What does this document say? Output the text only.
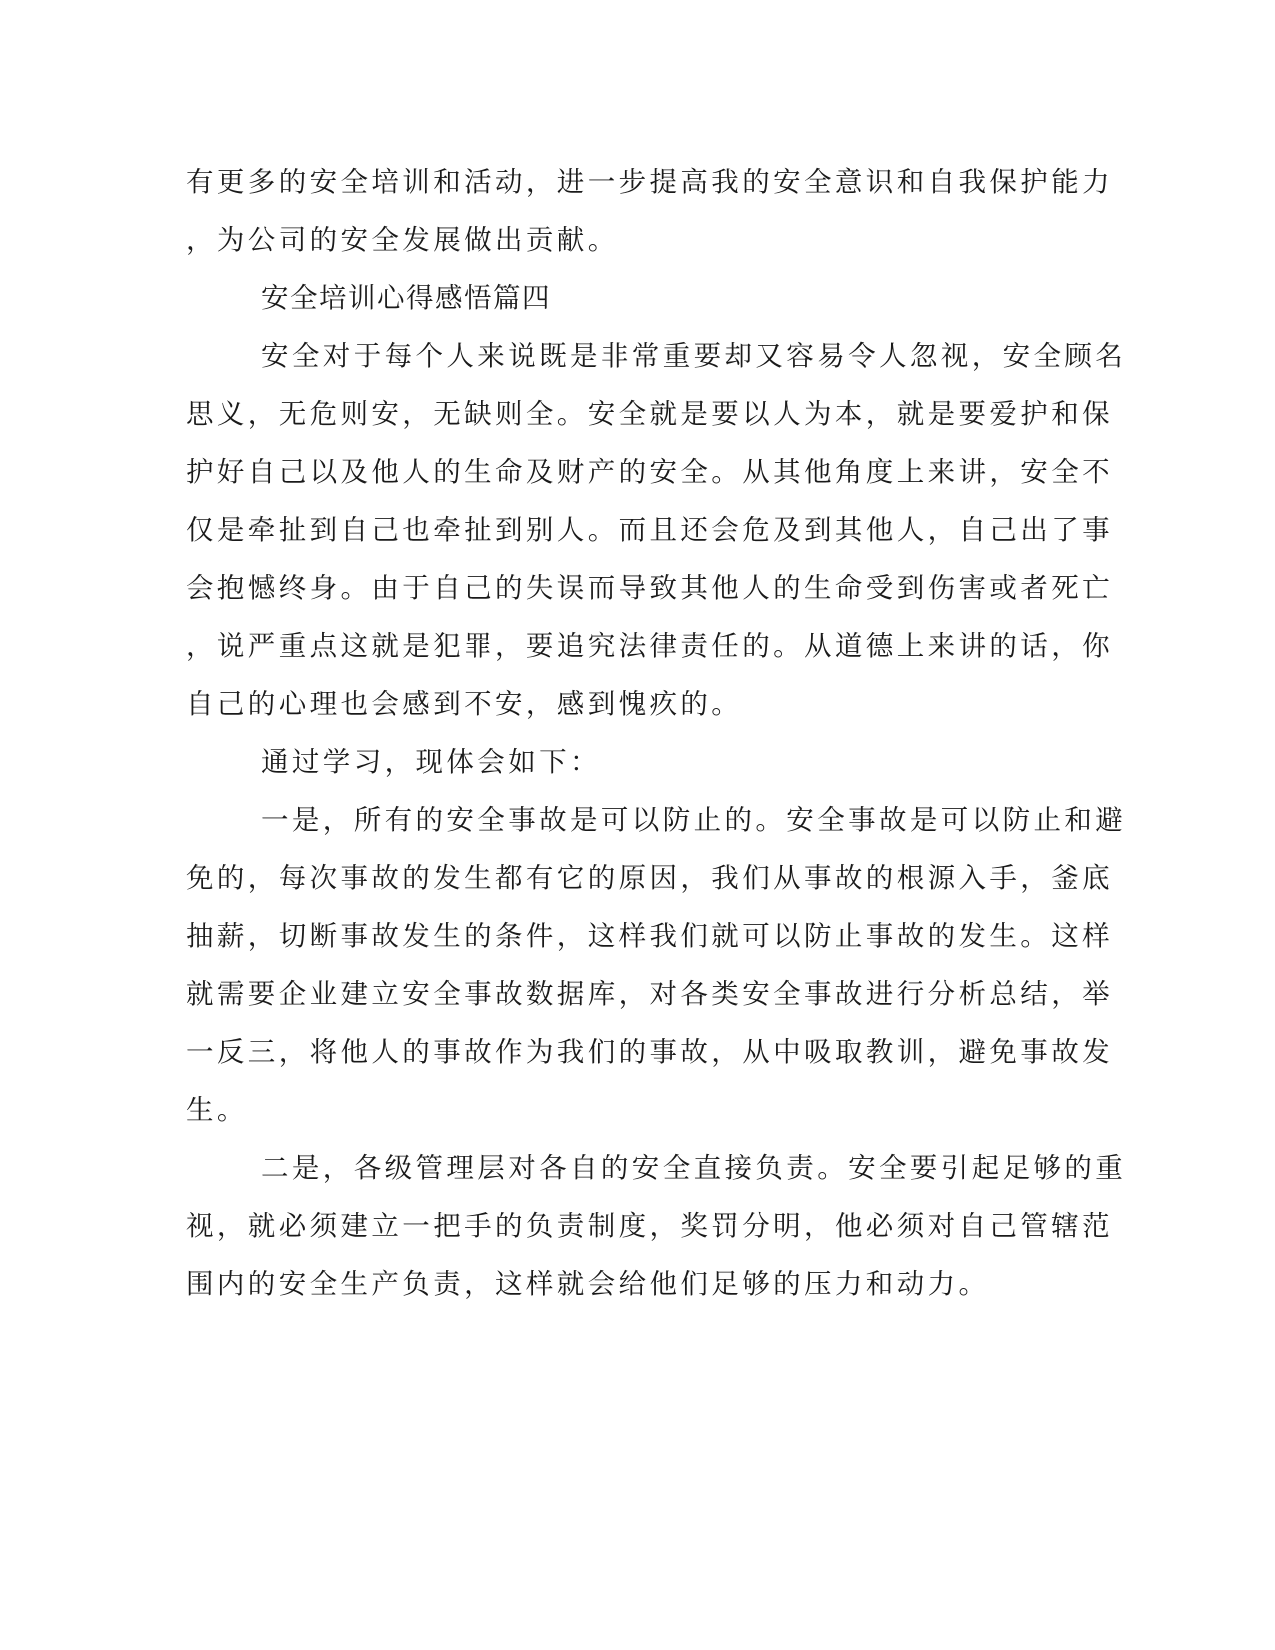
有更多的安全培训和活动，进一步提高我的安全意识和自我保护能力
，为公司的安全发展做出贡献。
安全培训心得感悟篇四
安全对于每个人来说既是非常重要却又容易令人忽视，安全顾名
思义，无危则安，无缺则全。安全就是要以人为本，就是要爱护和保
护好自己以及他人的生命及财产的安全。从其他角度上来讲，安全不
仅是牵扯到自己也牵扯到别人。而且还会危及到其他人，自己出了事
会抱憾终身。由于自己的失误而导致其他人的生命受到伤害或者死亡
，说严重点这就是犯罪，要追究法律责任的。从道德上来讲的话，你
自己的心理也会感到不安，感到愧疚的。
通过学习，现体会如下：
一是，所有的安全事故是可以防止的。安全事故是可以防止和避
免的，每次事故的发生都有它的原因，我们从事故的根源入手，釜底
抽薪，切断事故发生的条件，这样我们就可以防止事故的发生。这样
就需要企业建立安全事故数据库，对各类安全事故进行分析总结，举
一反三，将他人的事故作为我们的事故，从中吸取教训，避免事故发
生。
二是，各级管理层对各自的安全直接负责。安全要引起足够的重
视，就必须建立一把手的负责制度，奖罚分明，他必须对自己管辖范
围内的安全生产负责，这样就会给他们足够的压力和动力。
